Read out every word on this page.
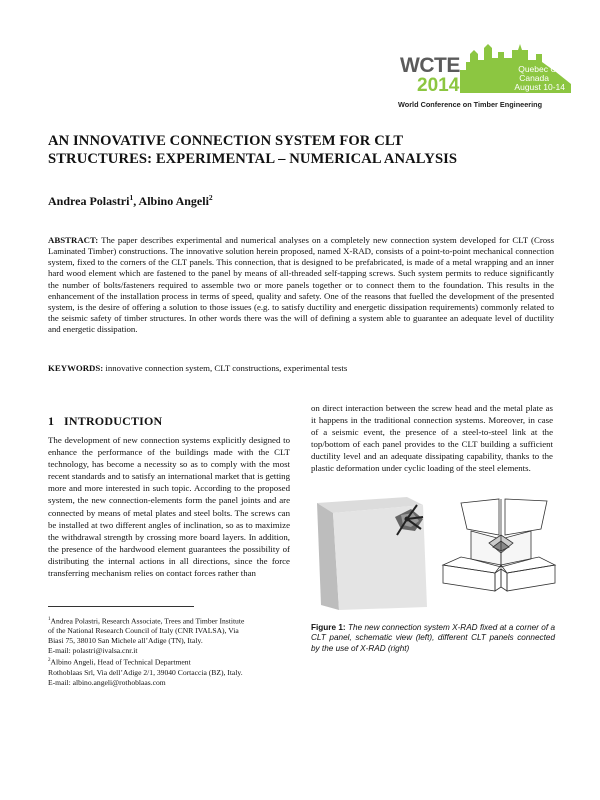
WCTE
2014
Quebec City
Canada
August 10-14
World Conference on Timber Engineering
AN INNOVATIVE CONNECTION SYSTEM FOR CLT
STRUCTURES: EXPERIMENTAL – NUMERICAL ANALYSIS
Andrea Polastri$^1$, Albino Angeli$^2$
ABSTRACT: The paper describes experimental and numerical analyses on a completely new connection system developed for CLT (Cross Laminated Timber) constructions. The innovative solution herein proposed, named X-RAD, consists of a point-to-point mechanical connection system, fixed to the corners of the CLT panels. This connection, that is designed to be prefabricated, is made of a metal wrapping and an inner hard wood element which are fastened to the panel by means of all-threaded self-tapping screws. Such system permits to reduce significantly the number of bolts/fasteners required to assemble two or more panels together or to connect them to the foundation. This results in the enhancement of the installation process in terms of speed, quality and safety. One of the reasons that fuelled the development of the presented system, is the desire of offering a solution to those issues (e.g. to satisfy ductility and energetic dissipation requirements) commonly related to the seismic safety of timber structures. In other words there was the will of defining a system able to guarantee an adequate level of ductility and energetic dissipation.
KEYWORDS: innovative connection system, CLT constructions, experimental tests
1 INTRODUCTION
The development of new connection systems explicitly designed to enhance the performance of the buildings made with the CLT technology, has become a necessity so as to comply with the most recent standards and to satisfy an international market that is getting more and more interested in such topic. According to the proposed system, the new connection-elements form the panel joints and are connected by means of metal plates and steel bolts. The screws can be installed at two different angles of inclination, so as to maximize the withdrawal strength by crossing more board layers. In addition, the presence of the hardwood element guarantees the possibility of distributing the internal actions in all directions, since the force transferring mechanism relies on contact forces rather than
on direct interaction between the screw head and the metal plate as it happens in the traditional connection systems. Moreover, in case of a seismic event, the presence of a steel-to-steel link at the top/bottom of each panel provides to the CLT building a sufficient ductility level and an adequate dissipating capability, thanks to the plastic deformation under cyclic loading of the steel elements.
$^1$Andrea Polastri, Research Associate, Trees and Timber Institute
of the National Research Council of Italy (CNR IVALSA), Via
Biasi 75, 38010 San Michele all’Adige (TN), Italy.
E-mail: polastri@ivalsa.cnr.it
$^2$Albino Angeli, Head of Technical Department
Rothoblaas Srl, Via dell’Adige 2/1, 39040 Cortaccia (BZ), Italy.
E-mail: albino.angeli@rothoblaas.com
Figure 1: The new connection system X-RAD fixed at a corner of a CLT panel, schematic view (left), different CLT panels connected by the use of X-RAD (right)
